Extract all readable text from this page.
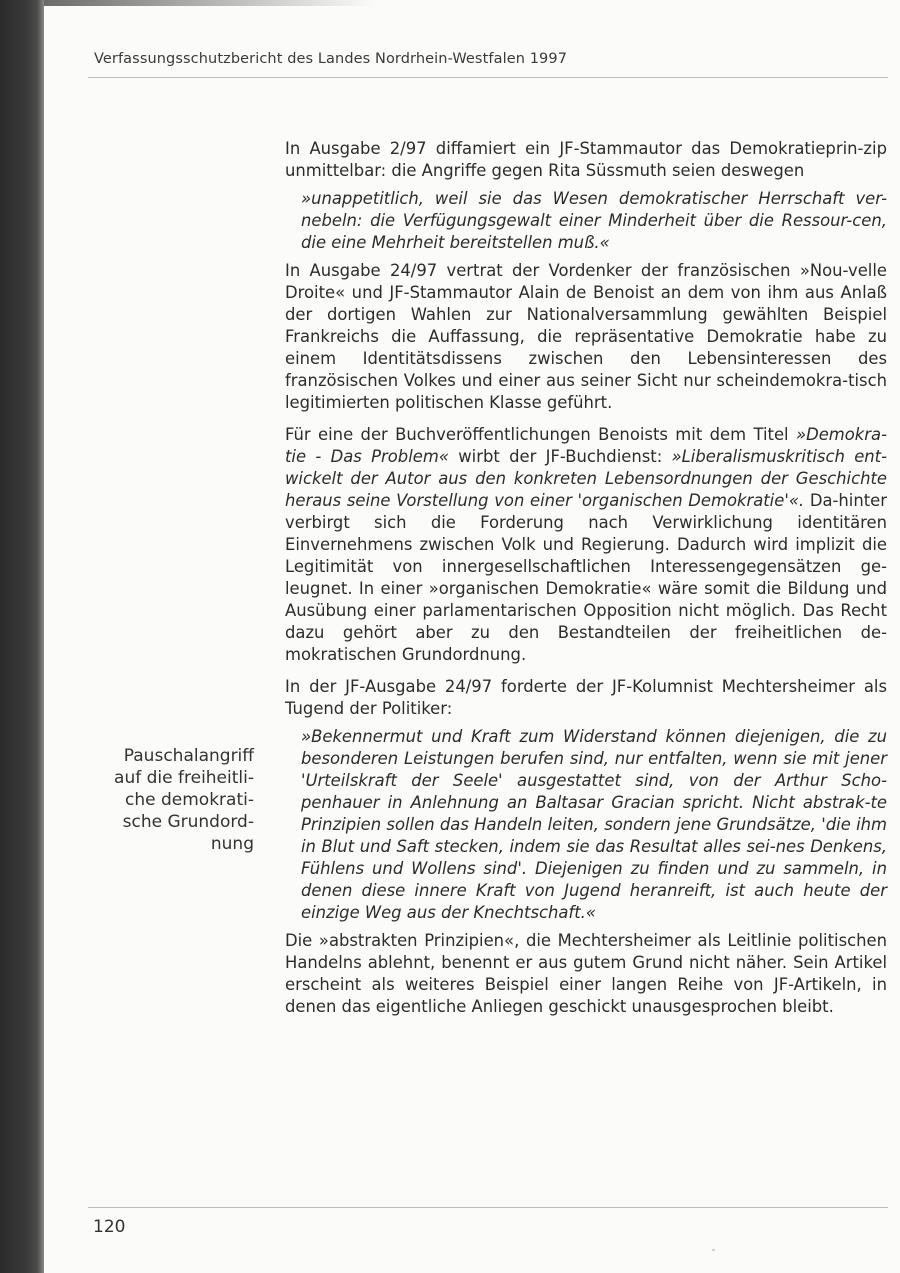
Verfassungsschutzbericht des Landes Nordrhein-Westfalen 1997
Pauschalangriff
auf die freiheitli-
che demokrati-
sche Grundord-
nung

In Ausgabe 2/97 diffamiert ein JF-Stammautor das Demokratieprin-zip unmittelbar: die Angriffe gegen Rita Süssmuth seien deswegen

»unappetitlich, weil sie das Wesen demokratischer Herrschaft ver-nebeln: die Verfügungsgewalt einer Minderheit über die Ressour-cen, die eine Mehrheit bereitstellen muß.«

In Ausgabe 24/97 vertrat der Vordenker der französischen »Nou-velle Droite« und JF-Stammautor Alain de Benoist an dem von ihm aus Anlaß der dortigen Wahlen zur Nationalversammlung gewählten Beispiel Frankreichs die Auffassung, die repräsentative Demokratie habe zu einem Identitätsdissens zwischen den Lebensinteressen des französischen Volkes und einer aus seiner Sicht nur scheindemokra-tisch legitimierten politischen Klasse geführt.

Für eine der Buchveröffentlichungen Benoists mit dem Titel »Demokra-tie - Das Problem« wirbt der JF-Buchdienst: »Liberalismuskritisch ent-wickelt der Autor aus den konkreten Lebensordnungen der Geschichte heraus seine Vorstellung von einer 'organischen Demokratie'«. Da-hinter verbirgt sich die Forderung nach Verwirklichung identitären Einvernehmens zwischen Volk und Regierung. Dadurch wird implizit die Legitimität von innergesellschaftlichen Interessengegensätzen ge-leugnet. In einer »organischen Demokratie« wäre somit die Bildung und Ausübung einer parlamentarischen Opposition nicht möglich. Das Recht dazu gehört aber zu den Bestandteilen der freiheitlichen de-mokratischen Grundordnung.

In der JF-Ausgabe 24/97 forderte der JF-Kolumnist Mechtersheimer als Tugend der Politiker:

»Bekennermut und Kraft zum Widerstand können diejenigen, die zu besonderen Leistungen berufen sind, nur entfalten, wenn sie mit jener 'Urteilskraft der Seele' ausgestattet sind, von der Arthur Scho-penhauer in Anlehnung an Baltasar Gracian spricht. Nicht abstrak-te Prinzipien sollen das Handeln leiten, sondern jene Grundsätze, 'die ihm in Blut und Saft stecken, indem sie das Resultat alles sei-nes Denkens, Fühlens und Wollens sind'. Diejenigen zu finden und zu sammeln, in denen diese innere Kraft von Jugend heranreift, ist auch heute der einzige Weg aus der Knechtschaft.«

Die »abstrakten Prinzipien«, die Mechtersheimer als Leitlinie politischen Handelns ablehnt, benennt er aus gutem Grund nicht näher. Sein Artikel erscheint als weiteres Beispiel einer langen Reihe von JF-Artikeln, in denen das eigentliche Anliegen geschickt unausgesprochen bleibt.

120
